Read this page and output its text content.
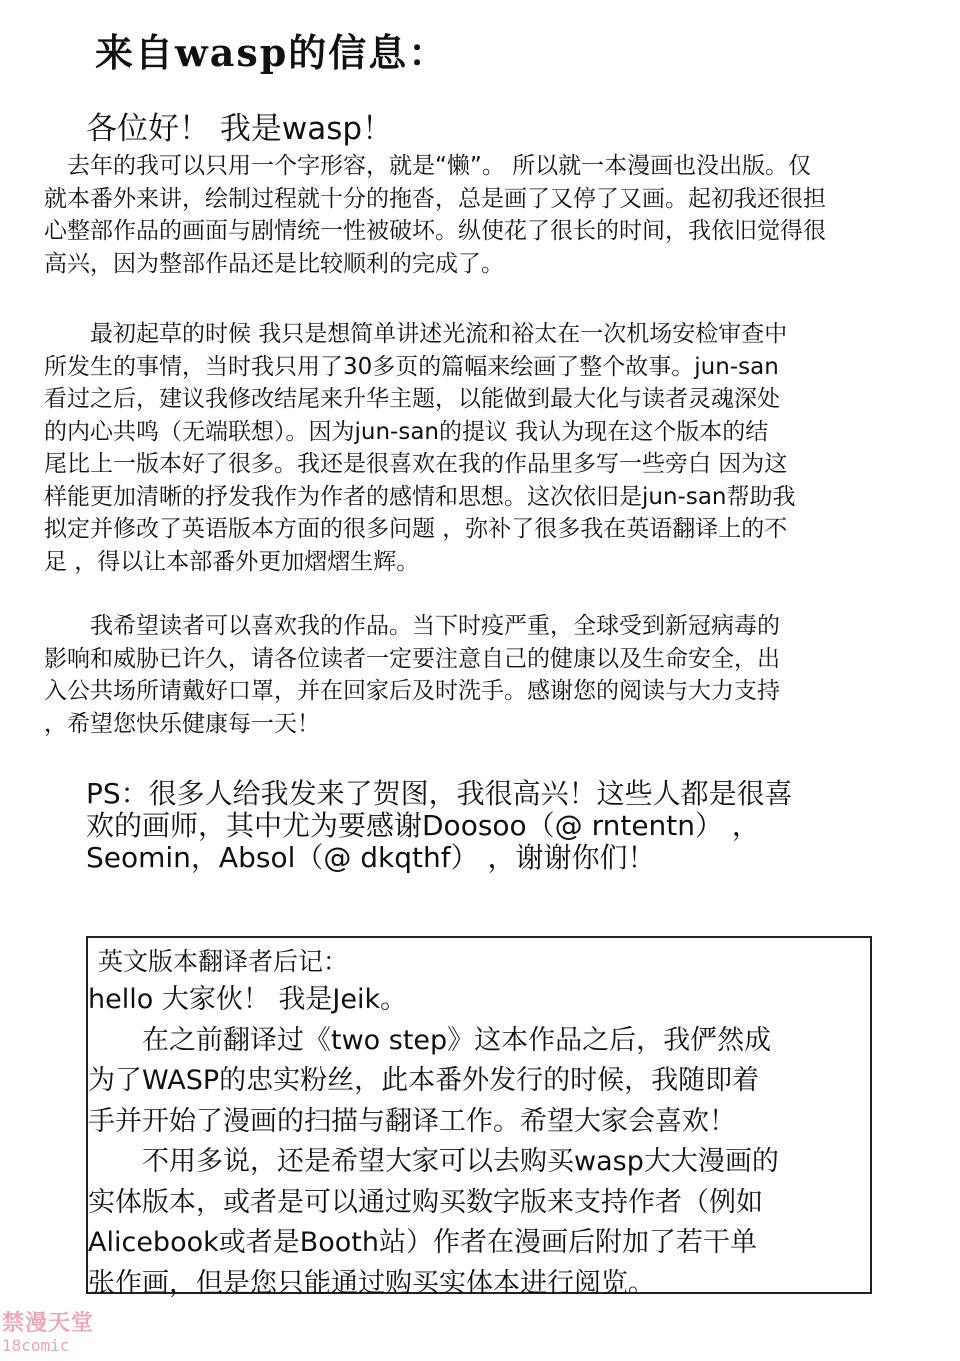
来自wasp的信息：
各位好！ 我是wasp！
　去年的我可以只用一个字形容，就是“懒”。 所以就一本漫画也没出版。仅
就本番外来讲，绘制过程就十分的拖沓，总是画了又停了又画。起初我还很担
心整部作品的画面与剧情统一性被破坏。纵使花了很长的时间，我依旧觉得很
高兴，因为整部作品还是比较顺利的完成了。
　　最初起草的时候 我只是想简单讲述光流和裕太在一次机场安检审查中
所发生的事情，当时我只用了30多页的篇幅来绘画了整个故事。jun-san
看过之后，建议我修改结尾来升华主题，以能做到最大化与读者灵魂深处
的内心共鸣（无端联想）。因为jun-san的提议 我认为现在这个版本的结
尾比上一版本好了很多。我还是很喜欢在我的作品里多写一些旁白 因为这
样能更加清晰的抒发我作为作者的感情和思想。这次依旧是jun-san帮助我
拟定并修改了英语版本方面的很多问题 ，弥补了很多我在英语翻译上的不
足 ，得以让本部番外更加熠熠生辉。
　　我希望读者可以喜欢我的作品。当下时疫严重，全球受到新冠病毒的
影响和威胁已许久，请各位读者一定要注意自己的健康以及生命安全，出
入公共场所请戴好口罩，并在回家后及时洗手。感谢您的阅读与大力支持
，希望您快乐健康每一天！
PS：很多人给我发来了贺图，我很高兴！这些人都是很喜
欢的画师，其中尤为要感谢Doosoo（@ rntentn） ，
Seomin，Absol（@ dkqthf） ，谢谢你们！
英文版本翻译者后记：
hello 大家伙！ 我是Jeik。
　　在之前翻译过《two step》这本作品之后，我俨然成
为了WASP的忠实粉丝，此本番外发行的时候，我随即着
手并开始了漫画的扫描与翻译工作。希望大家会喜欢！
　　不用多说，还是希望大家可以去购买wasp大大漫画的
实体版本，或者是可以通过购买数字版来支持作者（例如
Alicebook或者是Booth站）作者在漫画后附加了若干单
张作画，但是您只能通过购买实体本进行阅览。
禁漫天堂
18comic
